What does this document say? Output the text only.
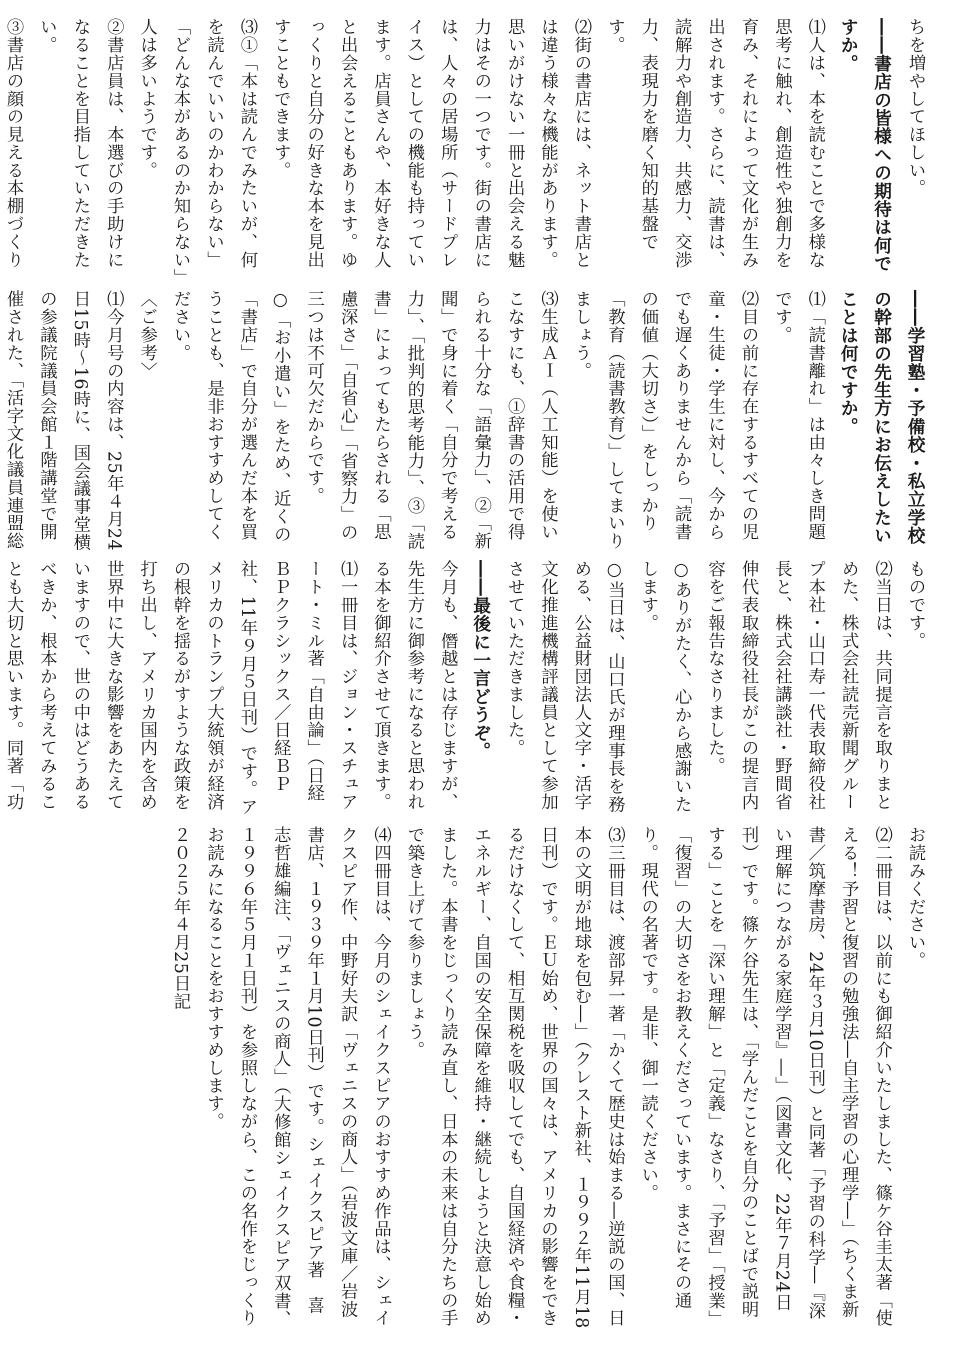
ちを増やしてほしい。

――書店の皆様への期待は何ですか。

⑴人は、本を読むことで多様な思考に触れ、創造性や独創力を育み、それによって文化が生み出されます。さらに、読書は、読解力や創造力、共感力、交渉力、表現力を磨く知的基盤です。

⑵街の書店には、ネット書店とは違う様々な機能があります。思いがけない一冊と出会える魅力はその一つです。街の書店には、人々の居場所（サードプレイス）としての機能も持っています。店員さんや、本好きな人と出会えることもあります。ゆっくりと自分の好きな本を見出すこともできます。

⑶①「本は読んでみたいが、何を読んでいいのかわからない」「どんな本があるのか知らない」人は多いようです。

②書店員は、本選びの手助けになることを目指していただきたい。

③書店の顔の見える本棚づくり

――学習塾・予備校・私立学校の幹部の先生方にお伝えしたいことは何ですか。

⑴「読書離れ」は由々しき問題です。

⑵目の前に存在するすべての児童・生徒・学生に対し、今からでも遅くありませんから「読書の価値（大切さ）」をしっかり「教育（読書教育）」してまいりましょう。

⑶生成ＡＩ（人工知能）を使いこなすにも、①辞書の活用で得られる十分な「語彙力」、②「新聞」で身に着く「自分で考える力」、「批判的思考能力」、③「読書」によってもたらされる「思慮深さ」「自省心」「省察力」の三つは不可欠だからです。

○「お小遣い」をため、近くの「書店」で自分が選んだ本を買うことも、是非おすすめしてください。

〈ご参考〉

⑴今月号の内容は、25年４月24日15時〜16時に、国会議事堂横の参議院議員会館１階講堂で開催された、「活字文化議員連盟総

ものです。

⑵当日は、共同提言を取りまとめた、株式会社読売新聞グループ本社・山口寿一代表取締役社長と、株式会社講談社・野間省伸代表取締役社長がこの提言内容をご報告なさりました。

○ありがたく、心から感謝いたします。

○当日は、山口氏が理事長を務める、公益財団法人文字・活字文化推進機構評議員として参加させていただきました。

――最後に一言どうぞ。

今月も、僭越とは存じますが、先生方に御参考になると思われる本を御紹介させて頂きます。

⑴一冊目は、ジョン・スチュアート・ミル著「自由論」（日経ＢＰクラシックス／日経ＢＰ社、11年９月５日刊）です。アメリカのトランプ大統領が経済の根幹を揺るがすような政策を打ち出し、アメリカ国内を含め世界中に大きな影響をあたえていますので、世の中はどうあるべきか、根本から考えてみることも大切と思います。同著「功

お読みください。

⑵二冊目は、以前にも御紹介いたしました、篠ケ谷圭太著「使える！予習と復習の勉強法―自主学習の心理学―」（ちくま新書／筑摩書房、24年３月10日刊）と同著「予習の科学―『深い理解につながる家庭学習』―」（図書文化、22年７月24日刊）です。篠ケ谷先生は、「学んだことを自分のことばで説明する」ことを「深い理解」と「定義」なさり、「予習」「授業」「復習」の大切さをお教えくださっています。まさにその通り。現代の名著です。是非、御一読ください。

⑶三冊目は、渡部昇一著「かくて歴史は始まる―逆説の国、日本の文明が地球を包む―」（クレスト新社、１９９２年11月18日刊）です。ＥＵ始め、世界の国々は、アメリカの影響をできるだけなくして、相互関税を吸収してでも、自国経済や食糧・エネルギー、自国の安全保障を維持・継続しようと決意し始めました。本書をじっくり読み直し、日本の未来は自分たちの手で築き上げて参りましょう。

⑷四冊目は、今月のシェイクスピアのおすすめ作品は、シェイクスピア作、中野好夫訳「ヴェニスの商人」（岩波文庫／岩波書店、１９３９年１月10日刊）です。シェイクスピア著　喜志哲雄編注、「ヴェニスの商人」（大修館シェイクスピア双書、１９９６年５月１日刊）を参照しながら、この名作をじっくりお読みになることをおすすめします。

２０２５年４月25日記
